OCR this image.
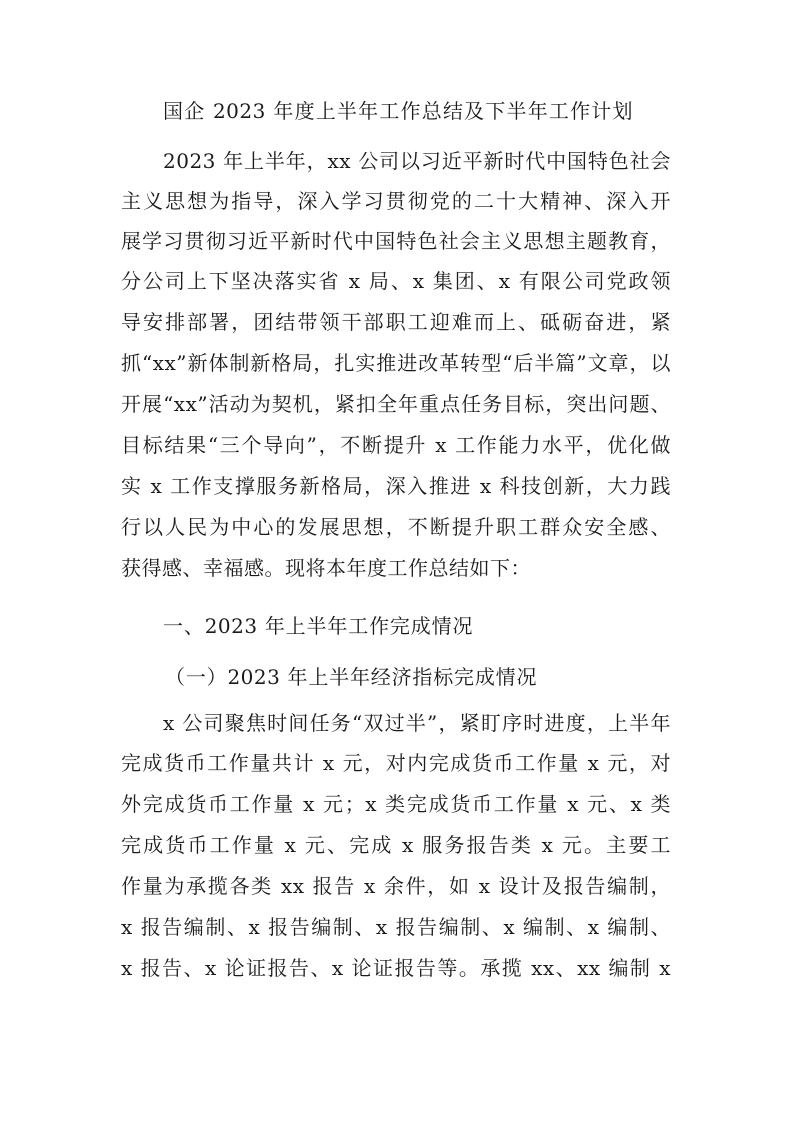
国企 2023 年度上半年工作总结及下半年工作计划
2023 年上半年，xx 公司以习近平新时代中国特色社会
主义思想为指导，深入学习贯彻党的二十大精神、深入开
展学习贯彻习近平新时代中国特色社会主义思想主题教育，
分公司上下坚决落实省 x 局、x 集团、x 有限公司党政领
导安排部署，团结带领干部职工迎难而上、砥砺奋进，紧
抓“xx”新体制新格局，扎实推进改革转型“后半篇”文章，以
开展“xx”活动为契机，紧扣全年重点任务目标，突出问题、
目标结果“三个导向”，不断提升 x 工作能力水平，优化做
实 x 工作支撑服务新格局，深入推进 x 科技创新，大力践
行以人民为中心的发展思想，不断提升职工群众安全感、
获得感、幸福感。现将本年度工作总结如下：
一、2023 年上半年工作完成情况
（一）2023 年上半年经济指标完成情况
x 公司聚焦时间任务“双过半”，紧盯序时进度，上半年
完成货币工作量共计 x 元，对内完成货币工作量 x 元，对
外完成货币工作量 x 元；x 类完成货币工作量 x 元、x 类
完成货币工作量 x 元、完成 x 服务报告类 x 元。主要工
作量为承揽各类 xx 报告 x 余件，如 x 设计及报告编制，
x 报告编制、x 报告编制、x 报告编制、x 编制、x 编制、
x 报告、x 论证报告、x 论证报告等。承揽 xx、xx 编制 x
